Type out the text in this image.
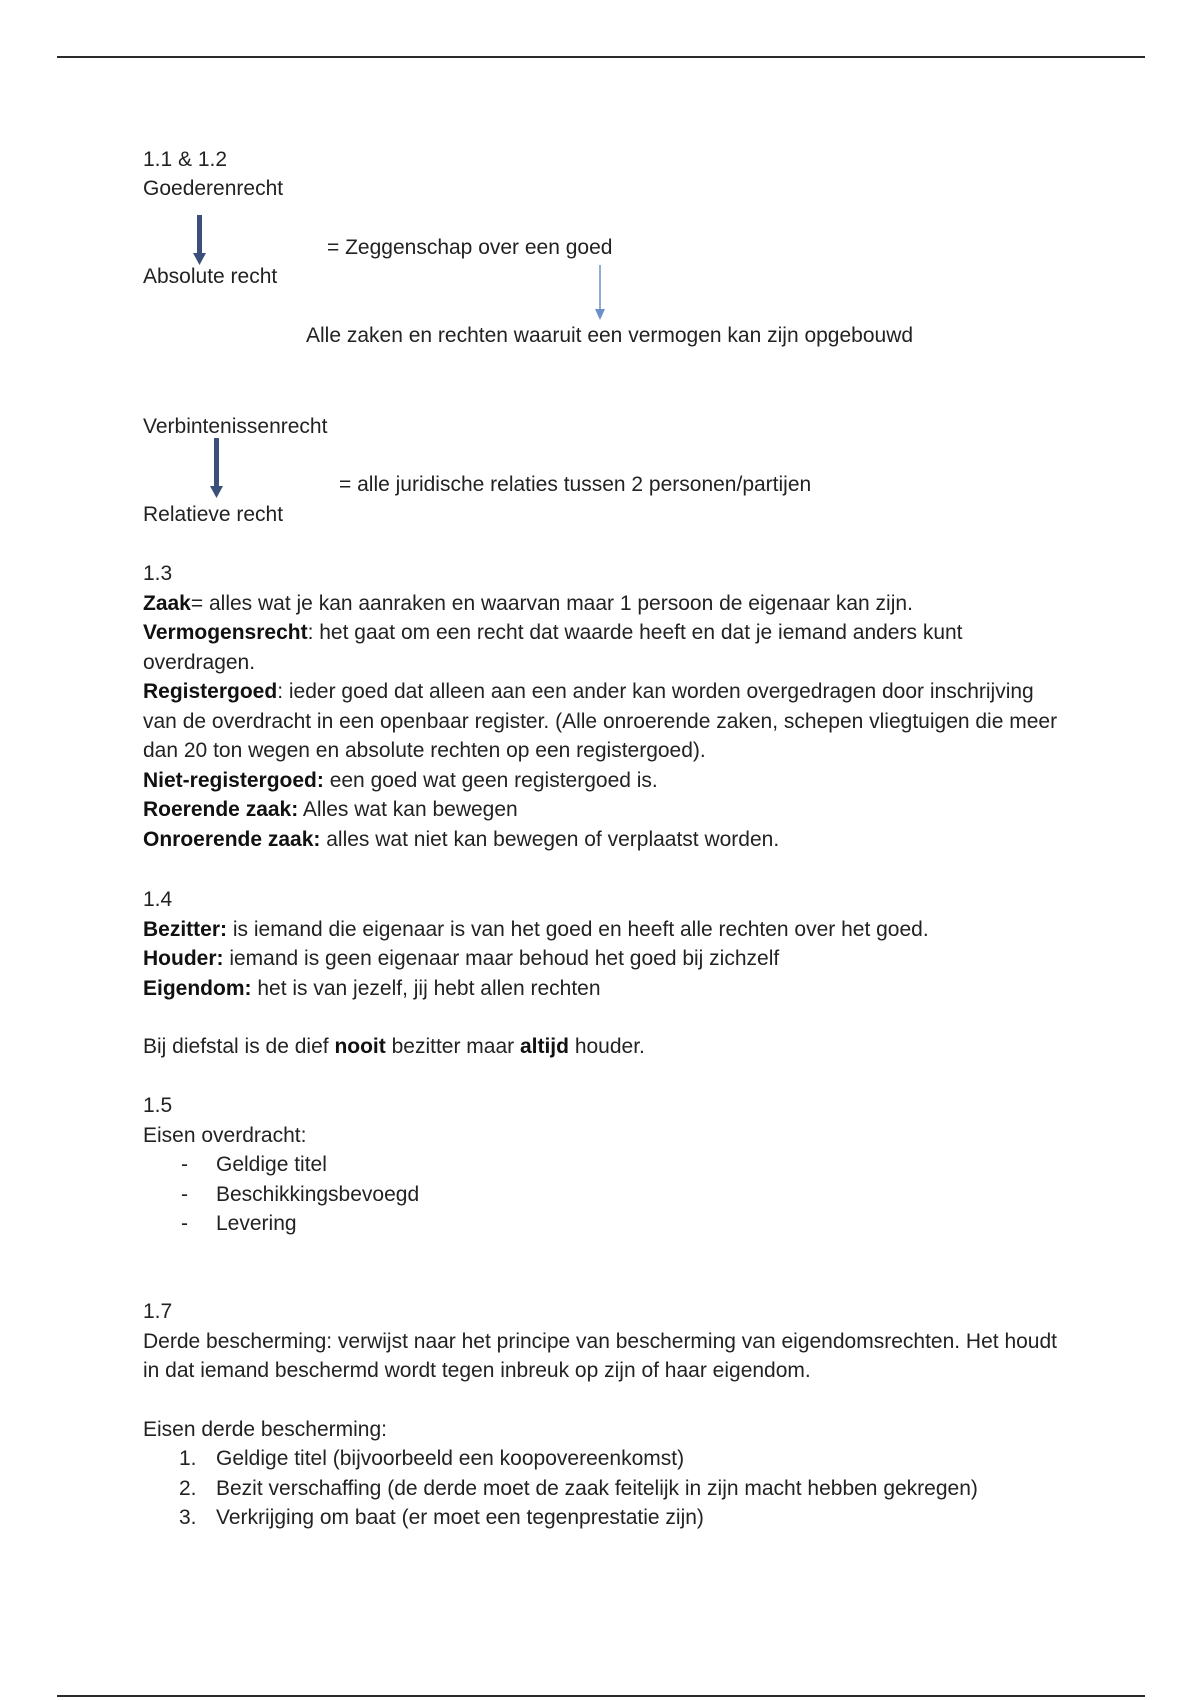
1.1 & 1.2
Goederenrecht
= Zeggenschap over een goed
Absolute recht
Alle zaken en rechten waaruit een vermogen kan zijn opgebouwd
Verbintenissenrecht
= alle juridische relaties tussen 2 personen/partijen
Relatieve recht

1.3

Zaak= alles wat je kan aanraken en waarvan maar 1 persoon de eigenaar kan zijn.

Vermogensrecht: het gaat om een recht dat waarde heeft en dat je iemand anders kunt overdragen.

Registergoed: ieder goed dat alleen aan een ander kan worden overgedragen door inschrijving van de overdracht in een openbaar register. (Alle onroerende zaken, schepen vliegtuigen die meer dan 20 ton wegen en absolute rechten op een registergoed).

Niet-registergoed: een goed wat geen registergoed is.

Roerende zaak: Alles wat kan bewegen

Onroerende zaak: alles wat niet kan bewegen of verplaatst worden.

1.4

Bezitter: is iemand die eigenaar is van het goed en heeft alle rechten over het goed.

Houder: iemand is geen eigenaar maar behoud het goed bij zichzelf

Eigendom: het is van jezelf, jij hebt allen rechten

Bij diefstal is de dief nooit bezitter maar altijd houder.

1.5

Eisen overdracht:

- Geldige titel
- Beschikkingsbevoegd
- Levering

1.7

Derde bescherming: verwijst naar het principe van bescherming van eigendomsrechten. Het houdt in dat iemand beschermd wordt tegen inbreuk op zijn of haar eigendom.

Eisen derde bescherming:

1. Geldige titel (bijvoorbeeld een koopovereenkomst)
2. Bezit verschaffing (de derde moet de zaak feitelijk in zijn macht hebben gekregen)
3. Verkrijging om baat (er moet een tegenprestatie zijn)
